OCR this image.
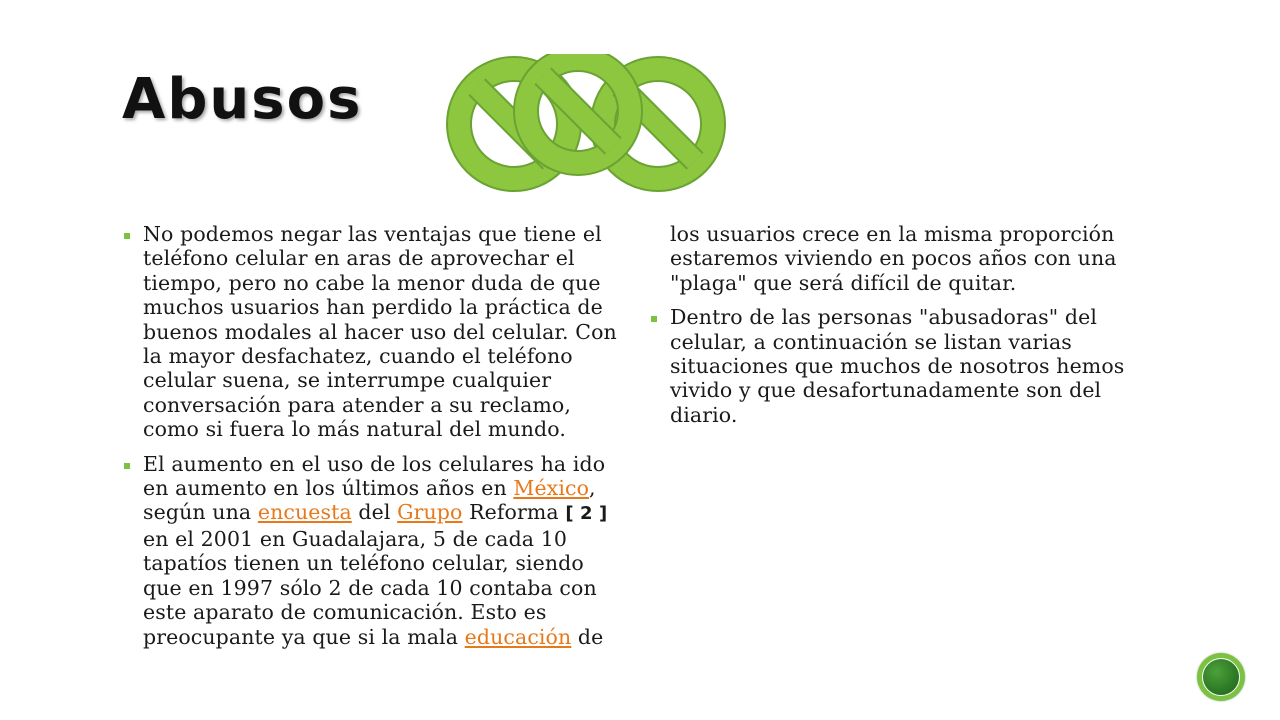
Abusos
No podemos negar las ventajas que tiene el teléfono celular en aras de aprovechar el tiempo, pero no cabe la menor duda de que muchos usuarios han perdido la práctica de buenos modales al hacer uso del celular. Con la mayor desfachatez, cuando el teléfono celular suena, se interrumpe cualquier conversación para atender a su reclamo, como si fuera lo más natural del mundo.
El aumento en el uso de los celulares ha ido en aumento en los últimos años en México, según una encuesta del Grupo Reforma [ 2 ] en el 2001 en Guadalajara, 5 de cada 10 tapatíos tienen un teléfono celular, siendo que en 1997 sólo 2 de cada 10 contaba con este aparato de comunicación. Esto es preocupante ya que si la mala educación de los usuarios crece en la misma proporción estaremos viviendo en pocos años con una "plaga" que será difícil de quitar.
Dentro de las personas "abusadoras" del celular, a continuación se listan varias situaciones que muchos de nosotros hemos vivido y que desafortunadamente son del diario.
